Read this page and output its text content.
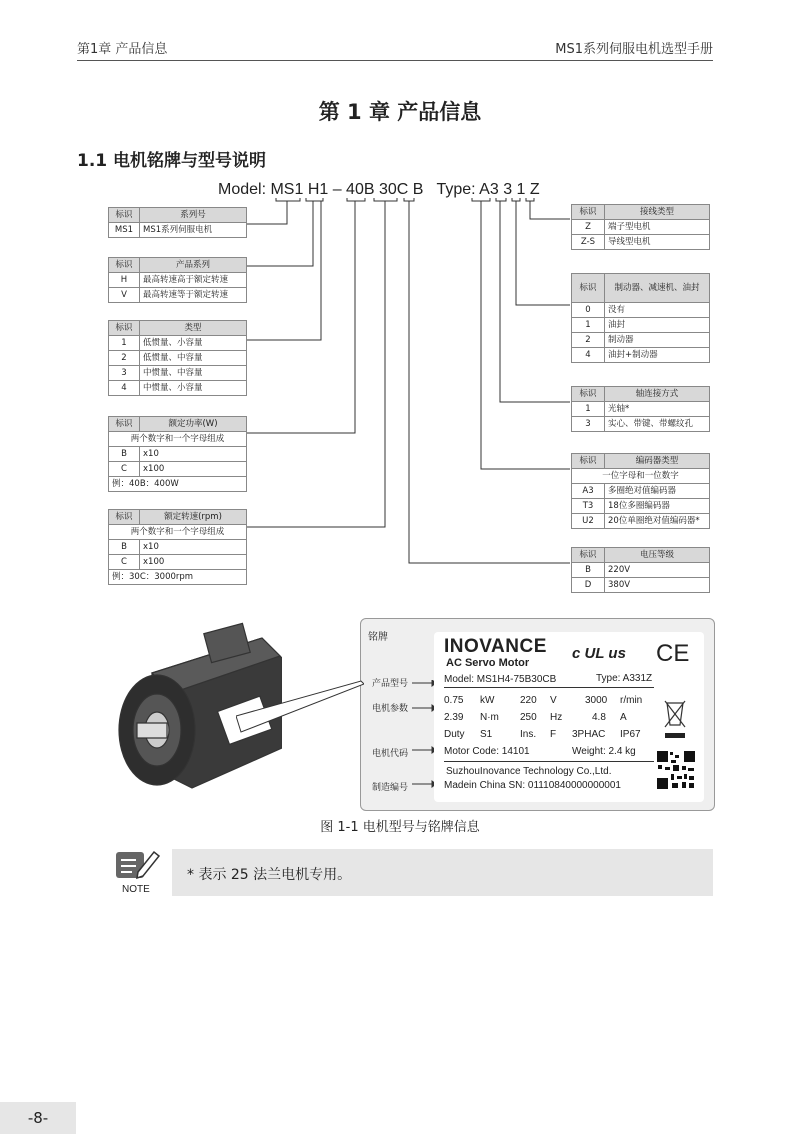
第1章 产品信息	MS1系列伺服电机选型手册
第 1 章 产品信息
1.1 电机铭牌与型号说明
Model: MS1 H1 – 40B 30C B   Type: A3 3 1 Z
标识	系列号
MS1	MS1系列伺服电机
标识	产品系列
H	最高转速高于额定转速
V	最高转速等于额定转速
标识	类型
1	低惯量、小容量
2	低惯量、中容量
3	中惯量、中容量
4	中惯量、小容量
标识	额定功率(W)
两个数字和一个字母组成	
B	x10
C	x100
例：40B：400W	
标识	额定转速(rpm)
两个数字和一个字母组成	
B	x10
C	x100
例：30C：3000rpm	
标识	接线类型
Z	端子型电机
Z-S	导线型电机
标识	制动器、减速机、油封
0	没有
1	油封
2	制动器
4	油封+制动器
标识	轴连接方式
1	光轴*
3	实心、带键、带螺纹孔
标识	编码器类型
一位字母和一位数字	
A3	多圈绝对值编码器
T3	18位多圈编码器
U2	20位单圈绝对值编码器*
标识	电压等级
B	220V
D	380V
铭牌
产品型号
电机参数
电机代码
制造编号
INOVANCE
AC Servo Motor
c UL us CE
Model: MS1H4-75B30CB	Type: A331Z
0.75 kW	220 V	3000 r/min
2.39 N·m 250 Hz	4.8 A
Duty S1	Ins. F 3PHAC IP67
Motor Code: 14101	Weight: 2.4 kg
SuzhouInovance Technology Co.,Ltd.
Madein China SN: 01110840000000001
图 1-1 电机型号与铭牌信息
NOTE
* 表示 25 法兰电机专用。
-8-
